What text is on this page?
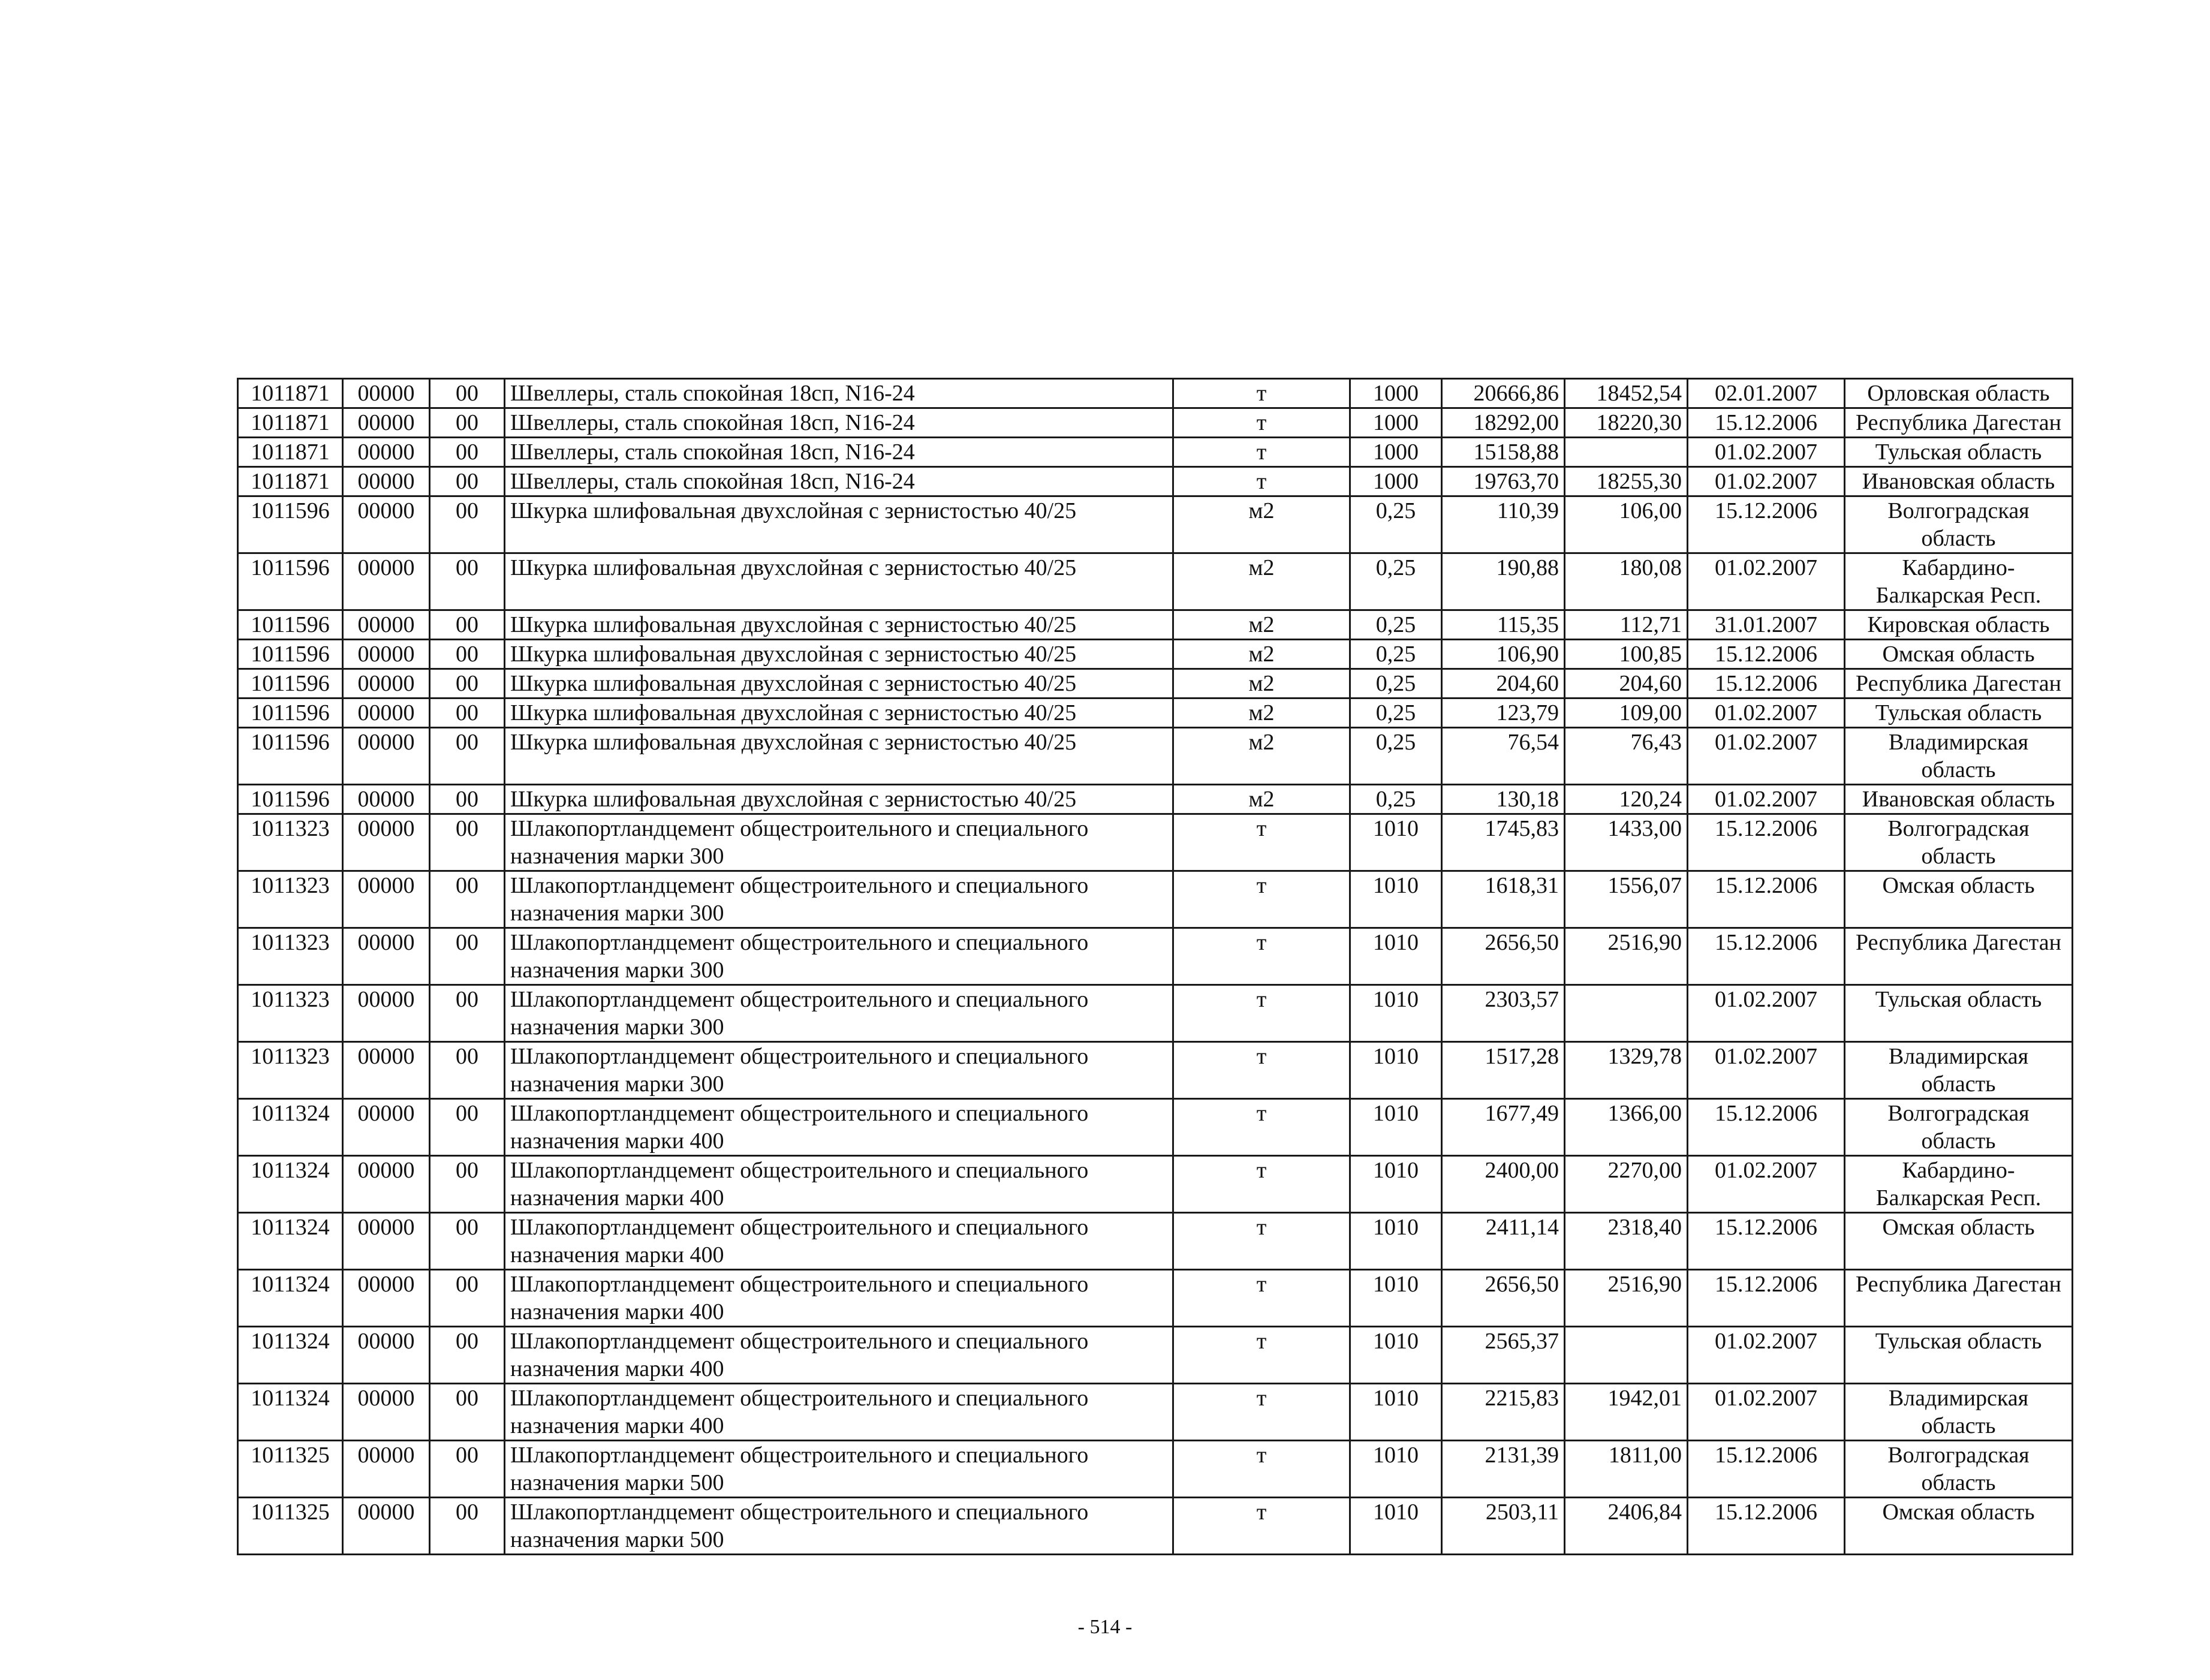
1011871	00000	00	Швеллеры, сталь спокойная 18сп, N16-24	т	1000	20666,86	18452,54	02.01.2007	Орловская область
1011871	00000	00	Швеллеры, сталь спокойная 18сп, N16-24	т	1000	18292,00	18220,30	15.12.2006	Республика Дагестан
1011871	00000	00	Швеллеры, сталь спокойная 18сп, N16-24	т	1000	15158,88		01.02.2007	Тульская область
1011871	00000	00	Швеллеры, сталь спокойная 18сп, N16-24	т	1000	19763,70	18255,30	01.02.2007	Ивановская область
1011596	00000	00	Шкурка шлифовальная двухслойная с зернистостью 40/25	м2	0,25	110,39	106,00	15.12.2006	Волгоградская область
1011596	00000	00	Шкурка шлифовальная двухслойная с зернистостью 40/25	м2	0,25	190,88	180,08	01.02.2007	Кабардино-Балкарская Респ.
1011596	00000	00	Шкурка шлифовальная двухслойная с зернистостью 40/25	м2	0,25	115,35	112,71	31.01.2007	Кировская область
1011596	00000	00	Шкурка шлифовальная двухслойная с зернистостью 40/25	м2	0,25	106,90	100,85	15.12.2006	Омская область
1011596	00000	00	Шкурка шлифовальная двухслойная с зернистостью 40/25	м2	0,25	204,60	204,60	15.12.2006	Республика Дагестан
1011596	00000	00	Шкурка шлифовальная двухслойная с зернистостью 40/25	м2	0,25	123,79	109,00	01.02.2007	Тульская область
1011596	00000	00	Шкурка шлифовальная двухслойная с зернистостью 40/25	м2	0,25	76,54	76,43	01.02.2007	Владимирская область
1011596	00000	00	Шкурка шлифовальная двухслойная с зернистостью 40/25	м2	0,25	130,18	120,24	01.02.2007	Ивановская область
1011323	00000	00	Шлакопортландцемент общестроительного и специального назначения марки 300	т	1010	1745,83	1433,00	15.12.2006	Волгоградская область
1011323	00000	00	Шлакопортландцемент общестроительного и специального назначения марки 300	т	1010	1618,31	1556,07	15.12.2006	Омская область
1011323	00000	00	Шлакопортландцемент общестроительного и специального назначения марки 300	т	1010	2656,50	2516,90	15.12.2006	Республика Дагестан
1011323	00000	00	Шлакопортландцемент общестроительного и специального назначения марки 300	т	1010	2303,57		01.02.2007	Тульская область
1011323	00000	00	Шлакопортландцемент общестроительного и специального назначения марки 300	т	1010	1517,28	1329,78	01.02.2007	Владимирская область
1011324	00000	00	Шлакопортландцемент общестроительного и специального назначения марки 400	т	1010	1677,49	1366,00	15.12.2006	Волгоградская область
1011324	00000	00	Шлакопортландцемент общестроительного и специального назначения марки 400	т	1010	2400,00	2270,00	01.02.2007	Кабардино-Балкарская Респ.
1011324	00000	00	Шлакопортландцемент общестроительного и специального назначения марки 400	т	1010	2411,14	2318,40	15.12.2006	Омская область
1011324	00000	00	Шлакопортландцемент общестроительного и специального назначения марки 400	т	1010	2656,50	2516,90	15.12.2006	Республика Дагестан
1011324	00000	00	Шлакопортландцемент общестроительного и специального назначения марки 400	т	1010	2565,37		01.02.2007	Тульская область
1011324	00000	00	Шлакопортландцемент общестроительного и специального назначения марки 400	т	1010	2215,83	1942,01	01.02.2007	Владимирская область
1011325	00000	00	Шлакопортландцемент общестроительного и специального назначения марки 500	т	1010	2131,39	1811,00	15.12.2006	Волгоградская область
1011325	00000	00	Шлакопортландцемент общестроительного и специального назначения марки 500	т	1010	2503,11	2406,84	15.12.2006	Омская область
- 514 -
